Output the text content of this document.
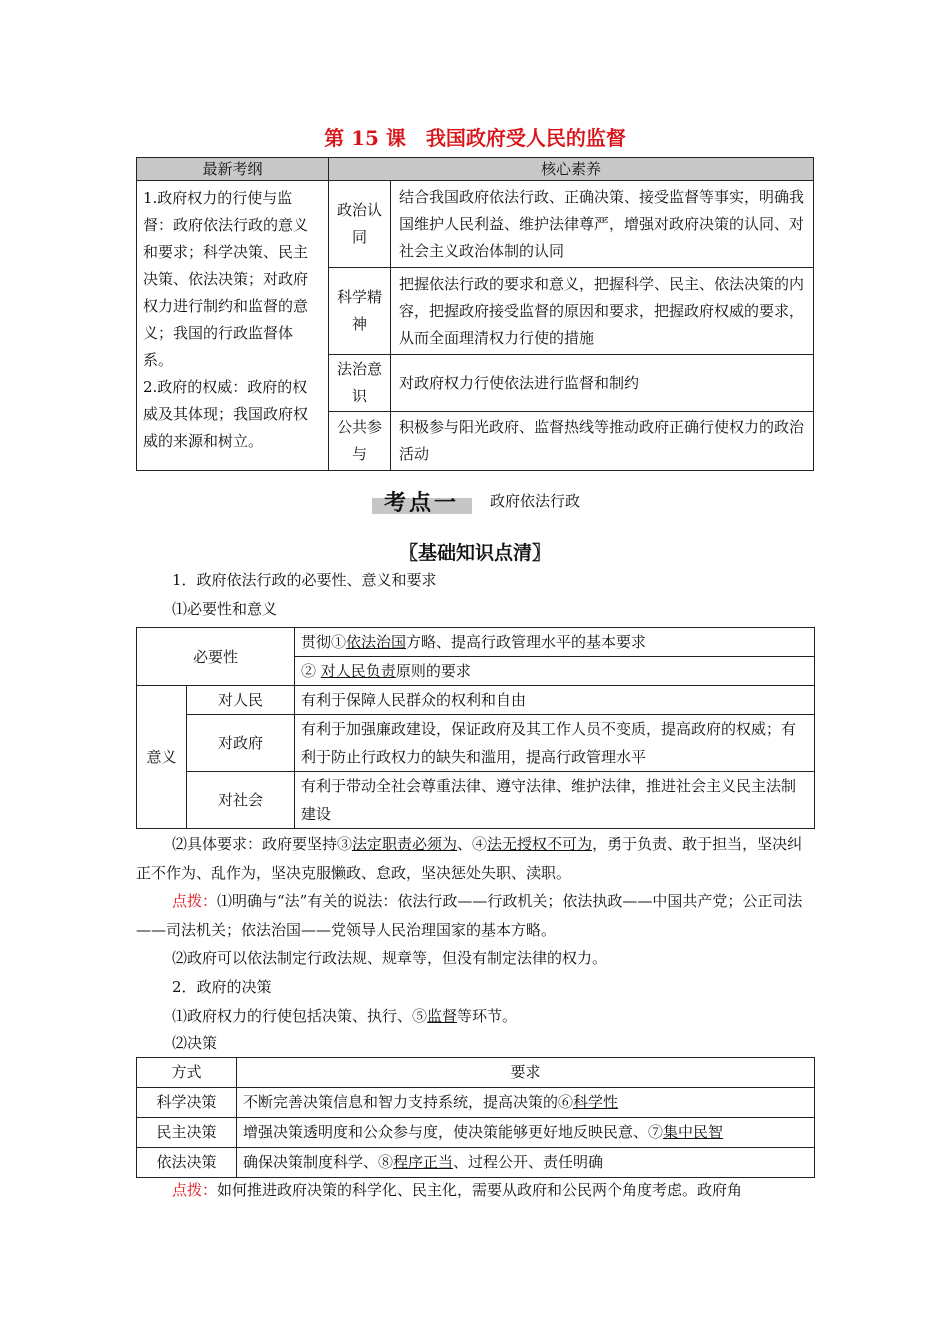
第 15 课　我国政府受人民的监督
最新考纲	核心素养	

1.政府权力的行使与监督：政府依法行政的意义和要求；科学决策、民主决策、依法决策；对政府权力进行制约和监督的意义；我国的行政监督体系。
2.政府的权威：政府的权威及其体现；我国政府权威的来源和树立。	政治认同	结合我国政府依法行政、正确决策、接受监督等事实，明确我国维护人民利益、维护法律尊严，增强对政府决策的认同、对社会主义政治体制的认同
	科学精神	把握依法行政的要求和意义，把握科学、民主、依法决策的内容，把握政府接受监督的原因和要求，把握政府权威的要求，从而全面理清权力行使的措施
	法治意识	对政府权力行使依法进行监督和制约
	公共参与	积极参与阳光政府、监督热线等推动政府正确行使权力的政治活动
考点一 政府依法行政
〖基础知识点清〗
1．政府依法行政的必要性、意义和要求
⑴必要性和意义
必要性		贯彻①依法治国方略、提高行政管理水平的基本要求
		② 对人民负责原则的要求
意义	对人民	有利于保障人民群众的权利和自由
	对政府	有利于加强廉政建设，保证政府及其工作人员不变质，提高政府的权威；有利于防止行政权力的缺失和滥用，提高行政管理水平
	对社会	有利于带动全社会尊重法律、遵守法律、维护法律，推进社会主义民主法制建设
⑵具体要求：政府要坚持③法定职责必须为、④法无授权不可为，勇于负责、敢于担当，坚决纠正不作为、乱作为，坚决克服懒政、怠政，坚决惩处失职、渎职。
点拨：⑴明确与“法”有关的说法：依法行政——行政机关；依法执政——中国共产党；公正司法——司法机关；依法治国——党领导人民治理国家的基本方略。
⑵政府可以依法制定行政法规、规章等，但没有制定法律的权力。
2．政府的决策
⑴政府权力的行使包括决策、执行、⑤监督等环节。
⑵决策
方式	要求
科学决策	不断完善决策信息和智力支持系统，提高决策的⑥科学性
民主决策	增强决策透明度和公众参与度，使决策能够更好地反映民意、⑦集中民智
依法决策	确保决策制度科学、⑧程序正当、过程公开、责任明确
点拨：如何推进政府决策的科学化、民主化，需要从政府和公民两个角度考虑。政府角
